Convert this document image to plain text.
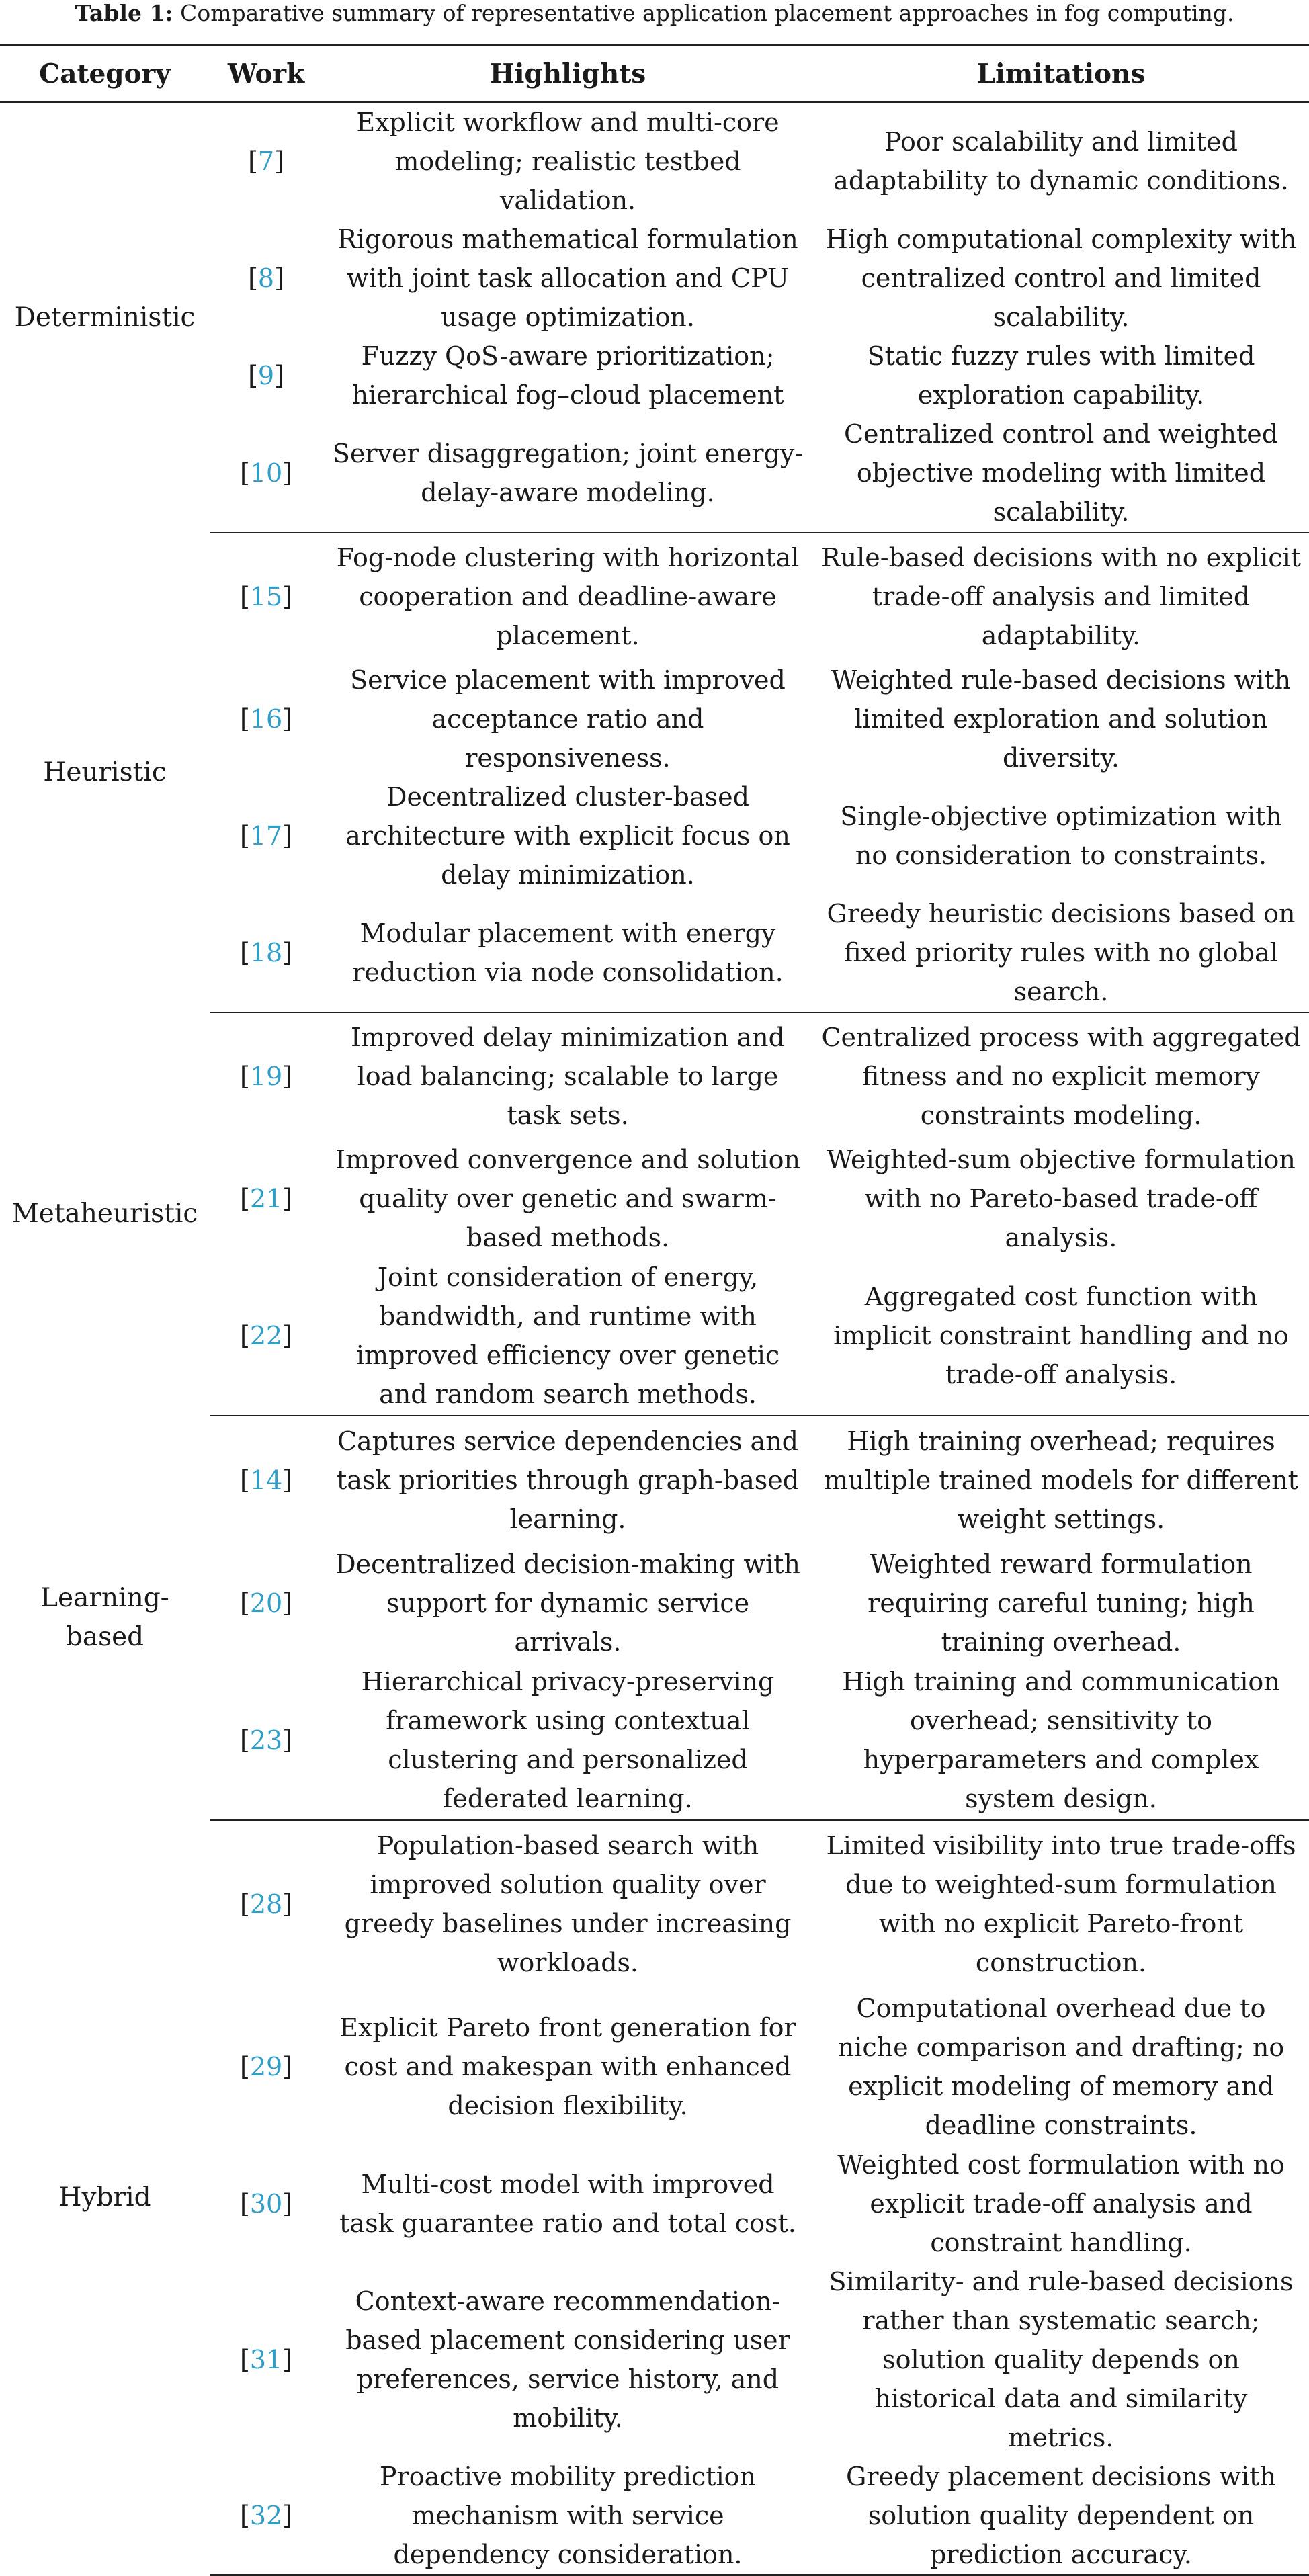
Table 1: Comparative summary of representative application placement approaches in fog computing.
Category	Work	Highlights	Limitations
Deterministic	[7]	Explicit workflow and multi-core modeling; realistic testbed validation.	Poor scalability and limited adaptability to dynamic conditions.
	[8]	Rigorous mathematical formulation with joint task allocation and CPU usage optimization.	High computational complexity with centralized control and limited scalability.
	[9]	Fuzzy QoS-aware prioritization; hierarchical fog–cloud placement	Static fuzzy rules with limited exploration capability.
	[10]	Server disaggregation; joint energy-delay-aware modeling.	Centralized control and weighted objective modeling with limited scalability.
Heuristic	[15]	Fog-node clustering with horizontal cooperation and deadline-aware placement.	Rule-based decisions with no explicit trade-off analysis and limited adaptability.
	[16]	Service placement with improved acceptance ratio and responsiveness.	Weighted rule-based decisions with limited exploration and solution diversity.
	[17]	Decentralized cluster-based architecture with explicit focus on delay minimization.	Single-objective optimization with no consideration to constraints.
	[18]	Modular placement with energy reduction via node consolidation.	Greedy heuristic decisions based on fixed priority rules with no global search.
Metaheuristic	[19]	Improved delay minimization and load balancing; scalable to large task sets.	Centralized process with aggregated fitness and no explicit memory constraints modeling.
	[21]	Improved convergence and solution quality over genetic and swarm-based methods.	Weighted-sum objective formulation with no Pareto-based trade-off analysis.
	[22]	Joint consideration of energy, bandwidth, and runtime with improved efficiency over genetic and random search methods.	Aggregated cost function with implicit constraint handling and no trade-off analysis.
Learning-based	[14]	Captures service dependencies and task priorities through graph-based learning.	High training overhead; requires multiple trained models for different weight settings.
	[20]	Decentralized decision-making with support for dynamic service arrivals.	Weighted reward formulation requiring careful tuning; high training overhead.
	[23]	Hierarchical privacy-preserving framework using contextual clustering and personalized federated learning.	High training and communication overhead; sensitivity to hyperparameters and complex system design.
Hybrid	[28]	Population-based search with improved solution quality over greedy baselines under increasing workloads.	Limited visibility into true trade-offs due to weighted-sum formulation with no explicit Pareto-front construction.
	[29]	Explicit Pareto front generation for cost and makespan with enhanced decision flexibility.	Computational overhead due to niche comparison and drafting; no explicit modeling of memory and deadline constraints.
	[30]	Multi-cost model with improved task guarantee ratio and total cost.	Weighted cost formulation with no explicit trade-off analysis and constraint handling.
	[31]	Context-aware recommendation-based placement considering user preferences, service history, and mobility.	Similarity- and rule-based decisions rather than systematic search; solution quality depends on historical data and similarity metrics.
	[32]	Proactive mobility prediction mechanism with service dependency consideration.	Greedy placement decisions with solution quality dependent on prediction accuracy.
